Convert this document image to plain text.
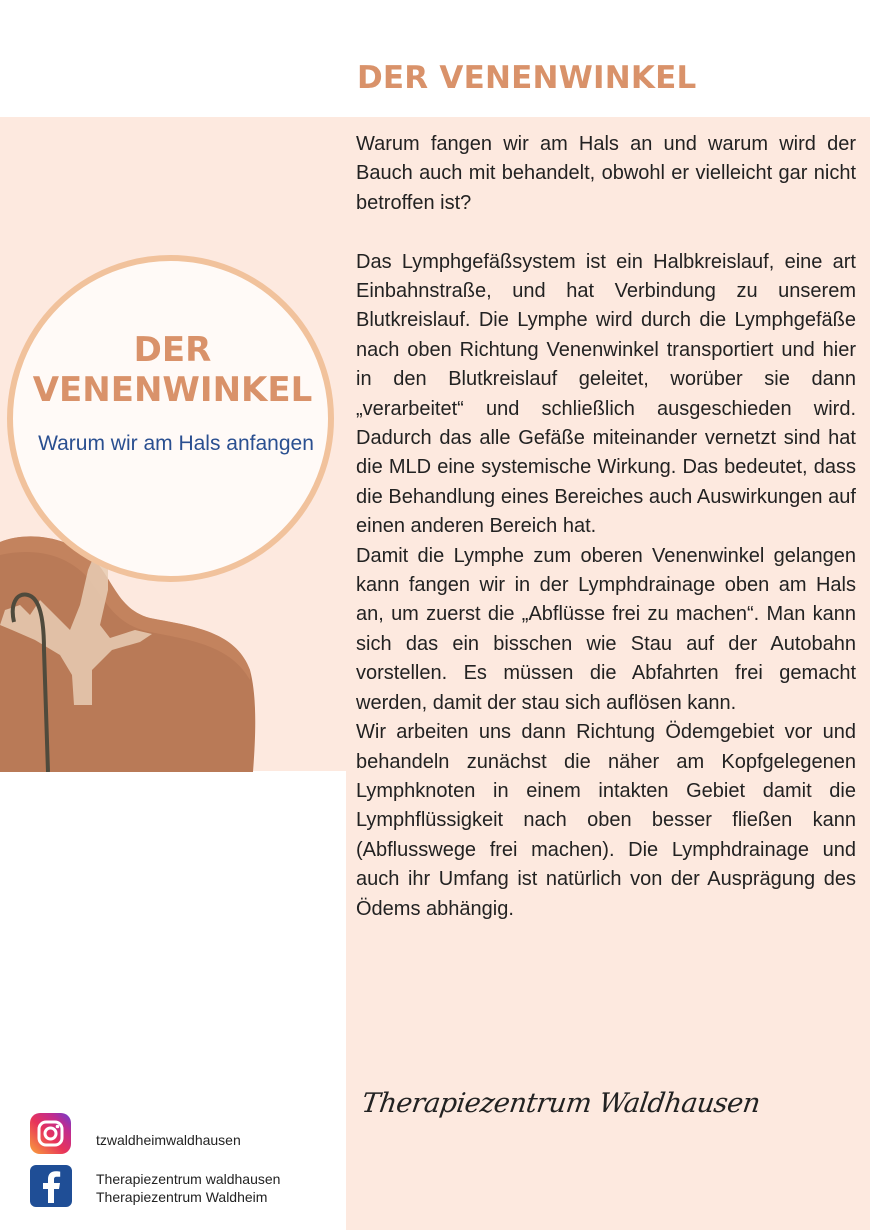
DER VENENWINKEL
DER
VENENWINKEL
Warum wir am Hals anfangen

Warum fangen wir am Hals an und warum wird der Bauch auch mit behandelt, obwohl er vielleicht gar nicht betroffen ist?

Das Lymphgefäßsystem ist ein Halbkreislauf, eine art Einbahnstraße, und hat Verbindung zu unserem Blutkreislauf. Die Lymphe wird durch die Lymphgefäße nach oben Richtung Venenwinkel transportiert und hier in den Blutkreislauf geleitet, worüber sie dann „verarbeitet“ und schließlich ausgeschieden wird. Dadurch das alle Gefäße miteinander vernetzt sind hat die MLD eine systemische Wirkung. Das bedeutet, dass die Behandlung eines Bereiches auch Auswirkungen auf einen anderen Bereich hat.

Damit die Lymphe zum oberen Venenwinkel gelangen kann fangen wir in der Lymphdrainage oben am Hals an, um zuerst die „Abflüsse frei zu machen“. Man kann sich das ein bisschen wie Stau auf der Autobahn vorstellen. Es müssen die Abfahrten frei gemacht werden, damit der stau sich auflösen kann.

Wir arbeiten uns dann Richtung Ödemgebiet vor und behandeln zunächst die näher am Kopfgelegenen Lymphknoten in einem intakten Gebiet damit die Lymphflüssigkeit nach oben besser fließen kann (Abflusswege frei machen). Die Lymphdrainage und auch ihr Umfang ist natürlich von der Ausprägung des Ödems abhängig.

Therapiezentrum Waldhausen
tzwaldheimwaldhausen
Therapiezentrum waldhausen
Therapiezentrum Waldheim
